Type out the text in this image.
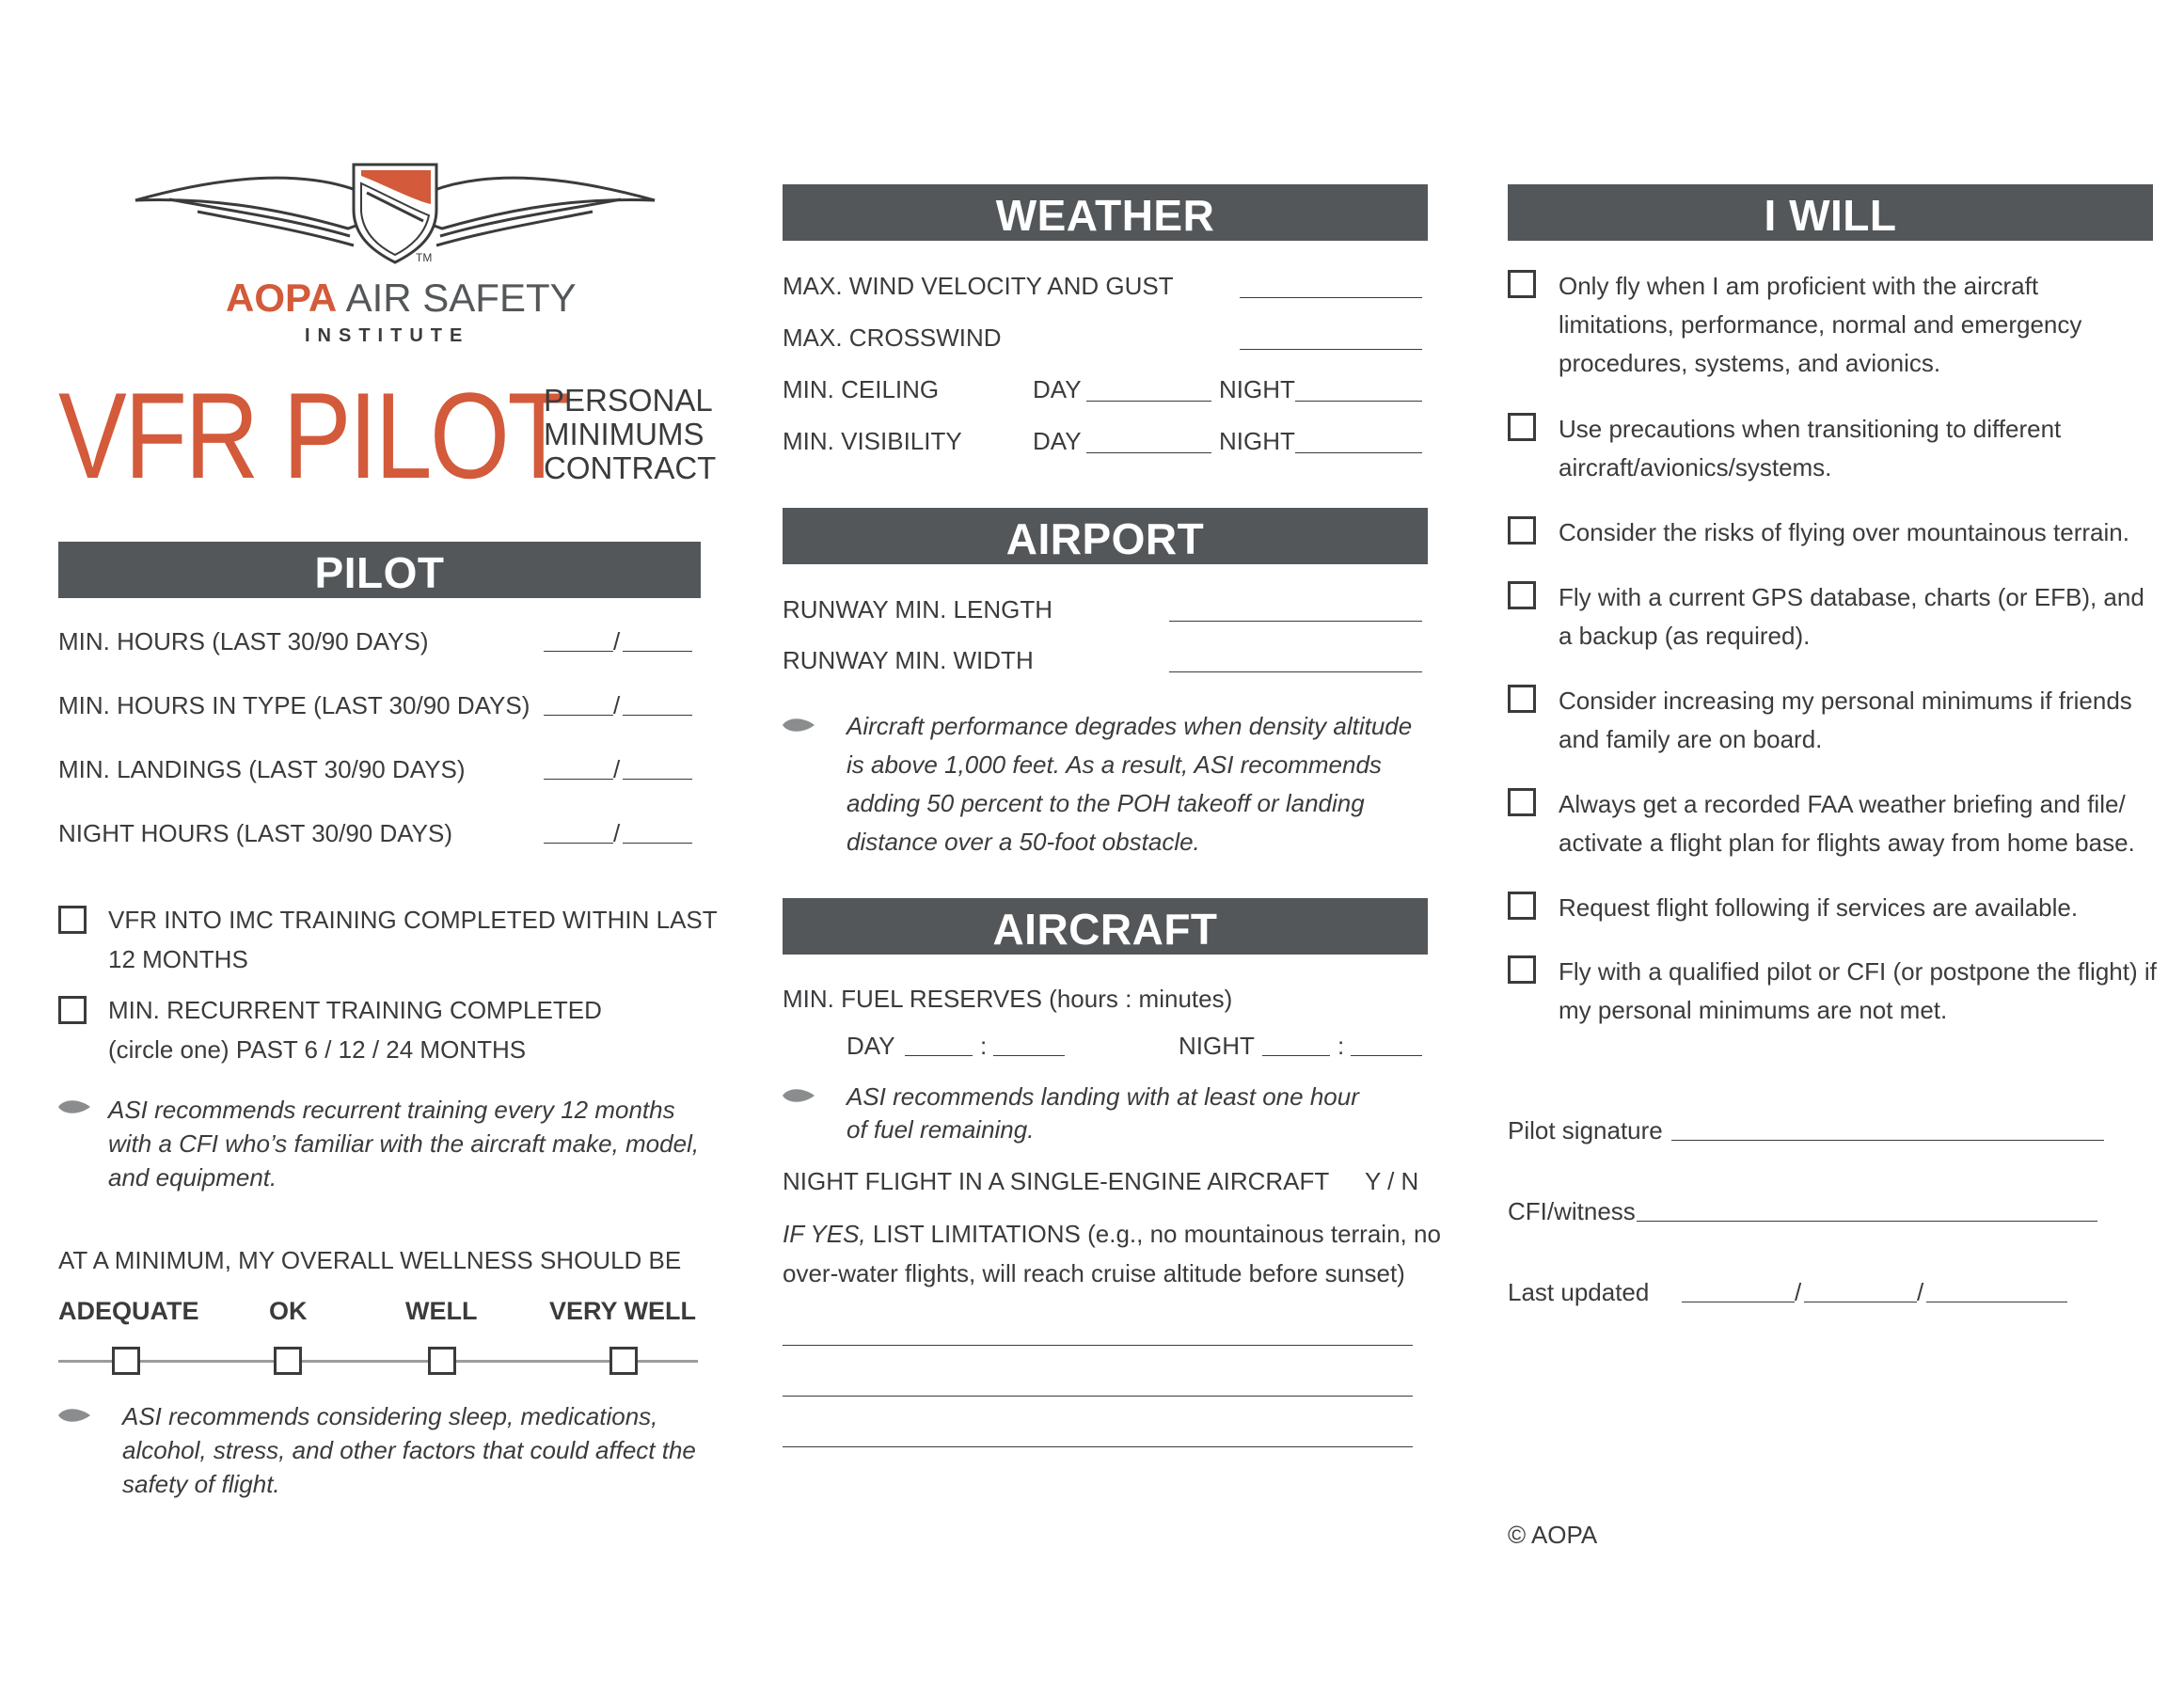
TM
AOPA AIR SAFETY
INSTITUTE
VFR PILOT
PERSONAL
MINIMUMS
CONTRACT
PILOT
MIN. HOURS (LAST 30/90 DAYS)	/
MIN. HOURS IN TYPE (LAST 30/90 DAYS)	/
MIN. LANDINGS (LAST 30/90 DAYS)	/
NIGHT HOURS (LAST 30/90 DAYS)	/
VFR INTO IMC TRAINING COMPLETED WITHIN LAST
12 MONTHS
MIN. RECURRENT TRAINING COMPLETED
(circle one) PAST 6 / 12 / 24 MONTHS
ASI recommends recurrent training every 12 months with a CFI who’s familiar with the aircraft make, model, and equipment.
AT A MINIMUM, MY OVERALL WELLNESS SHOULD BE
ADEQUATE	OK	WELL	VERY WELL
ASI recommends considering sleep, medications, alcohol, stress, and other factors that could affect the safety of flight.
WEATHER
MAX. WIND VELOCITY AND GUST
MAX. CROSSWIND
MIN. CEILING	DAY	NIGHT
MIN. VISIBILITY	DAY	NIGHT
AIRPORT
RUNWAY MIN. LENGTH
RUNWAY MIN. WIDTH
Aircraft performance degrades when density altitude is above 1,000 feet. As a result, ASI recommends adding 50 percent to the POH takeoff or landing distance over a 50-foot obstacle.
AIRCRAFT
MIN. FUEL RESERVES (hours : minutes)
DAY	:	NIGHT	:
ASI recommends landing with at least one hour
of fuel remaining.
NIGHT FLIGHT IN A SINGLE-ENGINE AIRCRAFT Y / N
IF YES, LIST LIMITATIONS (e.g., no mountainous terrain, no
over-water flights, will reach cruise altitude before sunset)
I WILL
Only fly when I am proficient with the aircraft limitations, performance, normal and emergency procedures, systems, and avionics.
Use precautions when transitioning to different aircraft/avionics/systems.
Consider the risks of flying over mountainous terrain.
Fly with a current GPS database, charts (or EFB), and a backup (as required).
Consider increasing my personal minimums if friends and family are on board.
Always get a recorded FAA weather briefing and file/ activate a flight plan for flights away from home base.
Request flight following if services are available.
Fly with a qualified pilot or CFI (or postpone the flight) if my personal minimums are not met.
Pilot signature
CFI/witness
Last updated	/	/
© AOPA
